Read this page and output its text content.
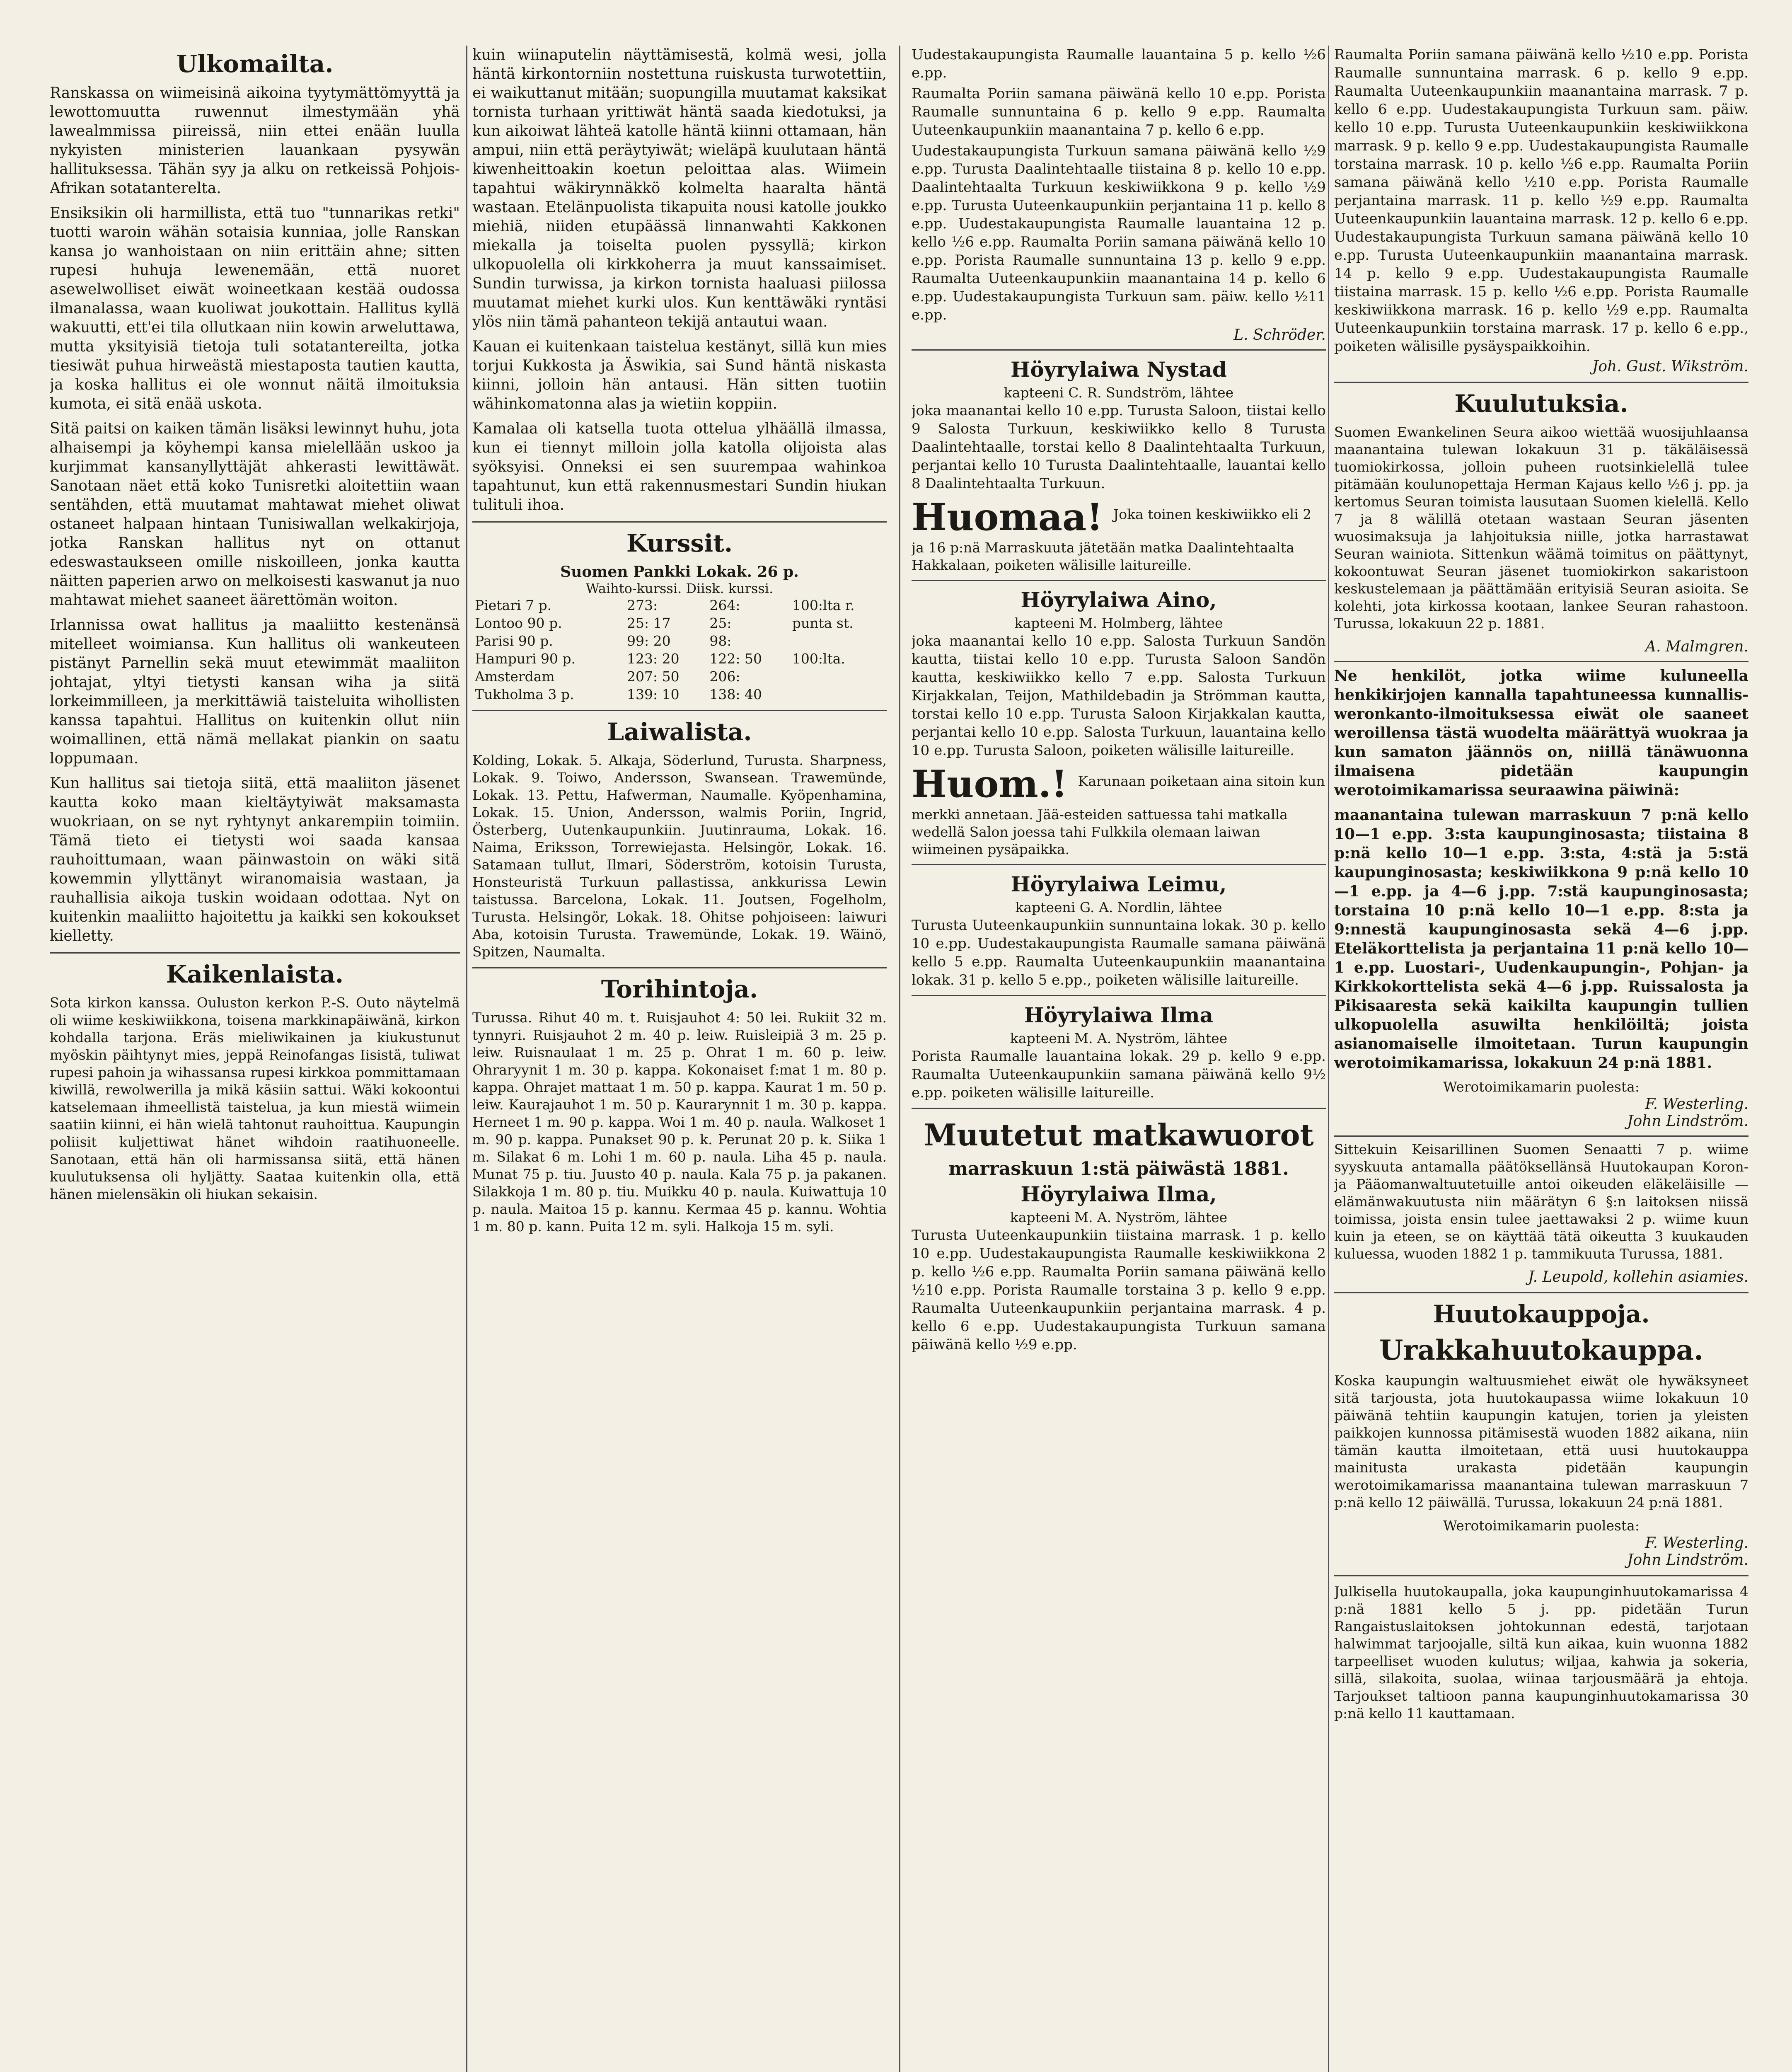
Ulkomailta.

Ranskassa on wiimeisinä aikoina tyytymättömyyttä ja lewottomuutta ruwennut ilmestymään yhä lawealmmissa piireissä, niin ettei enään luulla nykyisten ministerien lauankaan pysywän hallituksessa. Tähän syy ja alku on retkeissä Pohjois-Afrikan sotatanterelta.

Ensiksikin oli harmillista, että tuo "tunnarikas retki" tuotti waroin wähän sotaisia kunniaa, jolle Ranskan kansa jo wanhoistaan on niin erittäin ahne; sitten rupesi huhuja lewenemään, että nuoret asewelwolliset eiwät woineetkaan kestää oudossa ilmanalassa, waan kuoliwat joukottain. Hallitus kyllä wakuutti, ett'ei tila ollutkaan niin kowin arweluttawa, mutta yksityisiä tietoja tuli sotatantereilta, jotka tiesiwät puhua hirweästä miestaposta tautien kautta, ja koska hallitus ei ole wonnut näitä ilmoituksia kumota, ei sitä enää uskota.

Sitä paitsi on kaiken tämän lisäksi lewinnyt huhu, jota alhaisempi ja köyhempi kansa mielellään uskoo ja kurjimmat kansanyllyttäjät ahkerasti lewittäwät. Sanotaan näet että koko Tunisretki aloitettiin waan sentähden, että muutamat mahtawat miehet oliwat ostaneet halpaan hintaan Tunisiwallan welkakirjoja, jotka Ranskan hallitus nyt on ottanut edeswastaukseen omille niskoilleen, jonka kautta näitten paperien arwo on melkoisesti kaswanut ja nuo mahtawat miehet saaneet äärettömän woiton.

Irlannissa owat hallitus ja maaliitto kestenänsä mitelleet woimiansa. Kun hallitus oli wankeuteen pistänyt Parnellin sekä muut etewimmät maaliiton johtajat, yltyi tietysti kansan wiha ja siitä lorkeimmilleen, ja merkittäwiä taisteluita wihollisten kanssa tapahtui. Hallitus on kuitenkin ollut niin woimallinen, että nämä mellakat piankin on saatu loppumaan.

Kun hallitus sai tietoja siitä, että maaliiton jäsenet kautta koko maan kieltäytyiwät maksamasta wuokriaan, on se nyt ryhtynyt ankarempiin toimiin. Tämä tieto ei tietysti woi saada kansaa rauhoittumaan, waan päinwastoin on wäki sitä kowemmin yllyttänyt wiranomaisia wastaan, ja rauhallisia aikoja tuskin woidaan odottaa. Nyt on kuitenkin maaliitto hajoitettu ja kaikki sen kokoukset kielletty.

Kaikenlaista.

Sota kirkon kanssa. Ouluston kerkon P.-S. Outo näytelmä oli wiime keskiwiikkona, toisena markkinapäiwänä, kirkon kohdalla tarjona. Eräs mieliwikainen ja kiukustunut myöskin päihtynyt mies, jeppä Reinofangas Iisistä, tuliwat rupesi pahoin ja wihassansa rupesi kirkkoa pommittamaan kiwillä, rewolwerilla ja mikä käsiin sattui. Wäki kokoontui katselemaan ihmeellistä taistelua, ja kun miestä wiimein saatiin kiinni, ei hän wielä tahtonut rauhoittua. Kaupungin poliisit kuljettiwat hänet wihdoin raatihuoneelle. Sanotaan, että hän oli harmissansa siitä, että hänen kuulutuksensa oli hyljätty. Saataa kuitenkin olla, että hänen mielensäkin oli hiukan sekaisin.

kuin wiinaputelin näyttämisestä, kolmä wesi, jolla häntä kirkontorniin nostettuna ruiskusta turwotettiin, ei waikuttanut mitään; suopungilla muutamat kaksikat tornista turhaan yrittiwät häntä saada kiedotuksi, ja kun aikoiwat lähteä katolle häntä kiinni ottamaan, hän ampui, niin että peräytyiwät; wieläpä kuulutaan häntä kiwenheittoakin koetun peloittaa alas. Wiimein tapahtui wäkirynnäkkö kolmelta haaralta häntä wastaan. Etelänpuolista tikapuita nousi katolle joukko miehiä, niiden etupäässä linnanwahti Kakkonen miekalla ja toiselta puolen pyssyllä; kirkon ulkopuolella oli kirkkoherra ja muut kanssaimiset. Sundin turwissa, ja kirkon tornista haaluasi piilossa muutamat miehet kurki ulos. Kun kenttäwäki ryntäsi ylös niin tämä pahanteon tekijä antautui waan.

Kauan ei kuitenkaan taistelua kestänyt, sillä kun mies torjui Kukkosta ja Äswikia, sai Sund häntä niskasta kiinni, jolloin hän antausi. Hän sitten tuotiin wähinkomatonna alas ja wietiin koppiin.

Kamalaa oli katsella tuota ottelua ylhäällä ilmassa, kun ei tiennyt milloin jolla katolla olijoista alas syöksyisi. Onneksi ei sen suurempaa wahinkoa tapahtunut, kun että rakennusmestari Sundin hiukan tulituli ihoa.

Kurssit.
Suomen Pankki Lokak. 26 p.
Waihto-kurssi. Diisk. kurssi.
Pietari 7 p.	273:	264:	100:lta r.
Lontoo 90 p.	25: 17	25:	punta st.
Parisi 90 p.	99: 20	98:	
Hampuri 90 p.	123: 20	122: 50	100:lta.
Amsterdam	207: 50	206:	
Tukholma 3 p.	139: 10	138: 40	
Laiwalista.

Kolding, Lokak. 5. Alkaja, Söderlund, Turusta. Sharpness, Lokak. 9. Toiwo, Andersson, Swansean. Trawemünde, Lokak. 13. Pettu, Hafwerman, Naumalle. Kyöpenhamina, Lokak. 15. Union, Andersson, walmis Poriin, Ingrid, Österberg, Uutenkaupunkiin. Juutinrauma, Lokak. 16. Naima, Eriksson, Torrewiejasta. Helsingör, Lokak. 16. Satamaan tullut, Ilmari, Söderström, kotoisin Turusta, Honsteuristä Turkuun pallastissa, ankkurissa Lewin taistussa. Barcelona, Lokak. 11. Joutsen, Fogelholm, Turusta. Helsingör, Lokak. 18. Ohitse pohjoiseen: laiwuri Aba, kotoisin Turusta. Trawemünde, Lokak. 19. Wäinö, Spitzen, Naumalta.

Torihintoja.

Turussa. Rihut 40 m. t. Ruisjauhot 4: 50 lei. Rukiit 32 m. tynnyri. Ruisjauhot 2 m. 40 p. leiw. Ruisleipiä 3 m. 25 p. leiw. Ruisnaulaat 1 m. 25 p. Ohrat 1 m. 60 p. leiw. Ohraryynit 1 m. 30 p. kappa. Kokonaiset f:mat 1 m. 80 p. kappa. Ohrajet mattaat 1 m. 50 p. kappa. Kaurat 1 m. 50 p. leiw. Kaurajauhot 1 m. 50 p. Kaurarynnit 1 m. 30 p. kappa. Herneet 1 m. 90 p. kappa. Woi 1 m. 40 p. naula. Walkoset 1 m. 90 p. kappa. Punakset 90 p. k. Perunat 20 p. k. Siika 1 m. Silakat 6 m. Lohi 1 m. 60 p. naula. Liha 45 p. naula. Munat 75 p. tiu. Juusto 40 p. naula. Kala 75 p. ja pakanen. Silakkoja 1 m. 80 p. tiu. Muikku 40 p. naula. Kuiwattuja 10 p. naula. Maitoa 15 p. kannu. Kermaa 45 p. kannu. Wohtia 1 m. 80 p. kann. Puita 12 m. syli. Halkoja 15 m. syli.

Uudestakaupungista Raumalle lauantaina 5 p. kello ½6 e.pp.

Raumalta Poriin samana päiwänä kello 10 e.pp. Porista Raumalle sunnuntaina 6 p. kello 9 e.pp. Raumalta Uuteenkaupunkiin maanantaina 7 p. kello 6 e.pp.

Uudestakaupungista Turkuun samana päiwänä kello ½9 e.pp. Turusta Daalintehtaalle tiistaina 8 p. kello 10 e.pp. Daalintehtaalta Turkuun keskiwiikkona 9 p. kello ½9 e.pp. Turusta Uuteenkaupunkiin perjantaina 11 p. kello 8 e.pp. Uudestakaupungista Raumalle lauantaina 12 p. kello ½6 e.pp. Raumalta Poriin samana päiwänä kello 10 e.pp. Porista Raumalle sunnuntaina 13 p. kello 9 e.pp. Raumalta Uuteenkaupunkiin maanantaina 14 p. kello 6 e.pp. Uudestakaupungista Turkuun sam. päiw. kello ½11 e.pp.

L. Schröder.
Höyrylaiwa Nystad
kapteeni C. R. Sundström, lähtee

joka maanantai kello 10 e.pp. Turusta Saloon, tiistai kello 9 Salosta Turkuun, keskiwiikko kello 8 Turusta Daalintehtaalle, torstai kello 8 Daalintehtaalta Turkuun, perjantai kello 10 Turusta Daalintehtaalle, lauantai kello 8 Daalintehtaalta Turkuun.

Huomaa! Joka toinen keskiwiikko eli 2 ja 16 p:nä Marraskuuta jätetään matka Daalintehtaalta Hakkalaan, poiketen wälisille laitureille.
Höyrylaiwa Aino,
kapteeni M. Holmberg, lähtee

joka maanantai kello 10 e.pp. Salosta Turkuun Sandön kautta, tiistai kello 10 e.pp. Turusta Saloon Sandön kautta, keskiwiikko kello 7 e.pp. Salosta Turkuun Kirjakkalan, Teijon, Mathildebadin ja Strömman kautta, torstai kello 10 e.pp. Turusta Saloon Kirjakkalan kautta, perjantai kello 10 e.pp. Salosta Turkuun, lauantaina kello 10 e.pp. Turusta Saloon, poiketen wälisille laitureille.

Huom.! Karunaan poiketaan aina sitoin kun merkki annetaan. Jää-esteiden sattuessa tahi matkalla wedellä Salon joessa tahi Fulkkila olemaan laiwan wiimeinen pysäpaikka.
Höyrylaiwa Leimu,
kapteeni G. A. Nordlin, lähtee

Turusta Uuteenkaupunkiin sunnuntaina lokak. 30 p. kello 10 e.pp. Uudestakaupungista Raumalle samana päiwänä kello 5 e.pp. Raumalta Uuteenkaupunkiin maanantaina lokak. 31 p. kello 5 e.pp., poiketen wälisille laitureille.

Höyrylaiwa Ilma
kapteeni M. A. Nyström, lähtee

Porista Raumalle lauantaina lokak. 29 p. kello 9 e.pp. Raumalta Uuteenkaupunkiin samana päiwänä kello 9½ e.pp. poiketen wälisille laitureille.

Muutetut matkawuorot
marraskuun 1:stä päiwästä 1881.
Höyrylaiwa Ilma,
kapteeni M. A. Nyström, lähtee

Turusta Uuteenkaupunkiin tiistaina marrask. 1 p. kello 10 e.pp. Uudestakaupungista Raumalle keskiwiikkona 2 p. kello ½6 e.pp. Raumalta Poriin samana päiwänä kello ½10 e.pp. Porista Raumalle torstaina 3 p. kello 9 e.pp. Raumalta Uuteenkaupunkiin perjantaina marrask. 4 p. kello 6 e.pp. Uudestakaupungista Turkuun samana päiwänä kello ½9 e.pp.

Raumalta Poriin samana päiwänä kello ½10 e.pp. Porista Raumalle sunnuntaina marrask. 6 p. kello 9 e.pp. Raumalta Uuteenkaupunkiin maanantaina marrask. 7 p. kello 6 e.pp. Uudestakaupungista Turkuun sam. päiw. kello 10 e.pp. Turusta Uuteenkaupunkiin keskiwiikkona marrask. 9 p. kello 9 e.pp. Uudestakaupungista Raumalle torstaina marrask. 10 p. kello ½6 e.pp. Raumalta Poriin samana päiwänä kello ½10 e.pp. Porista Raumalle perjantaina marrask. 11 p. kello ½9 e.pp. Raumalta Uuteenkaupunkiin lauantaina marrask. 12 p. kello 6 e.pp. Uudestakaupungista Turkuun samana päiwänä kello 10 e.pp. Turusta Uuteenkaupunkiin maanantaina marrask. 14 p. kello 9 e.pp. Uudestakaupungista Raumalle tiistaina marrask. 15 p. kello ½6 e.pp. Porista Raumalle keskiwiikkona marrask. 16 p. kello ½9 e.pp. Raumalta Uuteenkaupunkiin torstaina marrask. 17 p. kello 6 e.pp., poiketen wälisille pysäyspaikkoihin.

Joh. Gust. Wikström.
Kuulutuksia.

Suomen Ewankelinen Seura aikoo wiettää wuosijuhlaansa maanantaina tulewan lokakuun 31 p. täkäläisessä tuomiokirkossa, jolloin puheen ruotsinkielellä tulee pitämään koulunopettaja Herman Kajaus kello ½6 j. pp. ja kertomus Seuran toimista lausutaan Suomen kielellä. Kello 7 ja 8 wälillä otetaan wastaan Seuran jäsenten wuosimaksuja ja lahjoituksia niille, jotka harrastawat Seuran wainiota. Sittenkun wäämä toimitus on päättynyt, kokoontuwat Seuran jäsenet tuomiokirkon sakaristoon keskustelemaan ja päättämään erityisiä Seuran asioita. Se kolehti, jota kirkossa kootaan, lankee Seuran rahastoon. Turussa, lokakuun 22 p. 1881.

A. Malmgren.

Ne henkilöt, jotka wiime kuluneella henkikirjojen kannalla tapahtuneessa kunnallis-weronkanto-ilmoituksessa eiwät ole saaneet weroillensa tästä wuodelta määrättyä wuokraa ja kun samaton jäännös on, niillä tänäwuonna ilmaisena pidetään kaupungin werotoimikamarissa seuraawina päiwinä:

maanantaina tulewan marraskuun 7 p:nä kello 10—1 e.pp. 3:sta kaupunginosasta; tiistaina 8 p:nä kello 10—1 e.pp. 3:sta, 4:stä ja 5:stä kaupunginosasta; keskiwiikkona 9 p:nä kello 10—1 e.pp. ja 4—6 j.pp. 7:stä kaupunginosasta; torstaina 10 p:nä kello 10—1 e.pp. 8:sta ja 9:nnestä kaupunginosasta sekä 4—6 j.pp. Eteläkorttelista ja perjantaina 11 p:nä kello 10—1 e.pp. Luostari-, Uudenkaupungin-, Pohjan- ja Kirkkokorttelista sekä 4—6 j.pp. Ruissalosta ja Pikisaaresta sekä kaikilta kaupungin tullien ulkopuolella asuwilta henkilöiltä; joista asianomaiselle ilmoitetaan. Turun kaupungin werotoimikamarissa, lokakuun 24 p:nä 1881.

Werotoimikamarin puolesta:
F. Westerling.
John Lindström.

Sittekuin Keisarillinen Suomen Senaatti 7 p. wiime syyskuuta antamalla päätöksellänsä Huutokaupan Koron- ja Pääomanwaltuutetuille antoi oikeuden eläkeläisille — elämänwakuutusta niin määrätyn 6 §:n laitoksen niissä toimissa, joista ensin tulee jaettawaksi 2 p. wiime kuun kuin ja eteen, se on käyttää tätä oikeutta 3 kuukauden kuluessa, wuoden 1882 1 p. tammikuuta Turussa, 1881.

J. Leupold, kollehin asiamies.
Huutokauppoja.
Urakkahuutokauppa.

Koska kaupungin waltuusmiehet eiwät ole hywäksyneet sitä tarjousta, jota huutokaupassa wiime lokakuun 10 päiwänä tehtiin kaupungin katujen, torien ja yleisten paikkojen kunnossa pitämisestä wuoden 1882 aikana, niin tämän kautta ilmoitetaan, että uusi huutokauppa mainitusta urakasta pidetään kaupungin werotoimikamarissa maanantaina tulewan marraskuun 7 p:nä kello 12 päiwällä. Turussa, lokakuun 24 p:nä 1881.

Werotoimikamarin puolesta:
F. Westerling.
John Lindström.

Julkisella huutokaupalla, joka kaupunginhuutokamarissa 4 p:nä 1881 kello 5 j. pp. pidetään Turun Rangaistuslaitoksen johtokunnan edestä, tarjotaan halwimmat tarjoojalle, siltä kun aikaa, kuin wuonna 1882 tarpeelliset wuoden kulutus; wiljaa, kahwia ja sokeria, sillä, silakoita, suolaa, wiinaa tarjousmäärä ja ehtoja. Tarjoukset taltioon panna kaupunginhuutokamarissa 30 p:nä kello 11 kauttamaan.
